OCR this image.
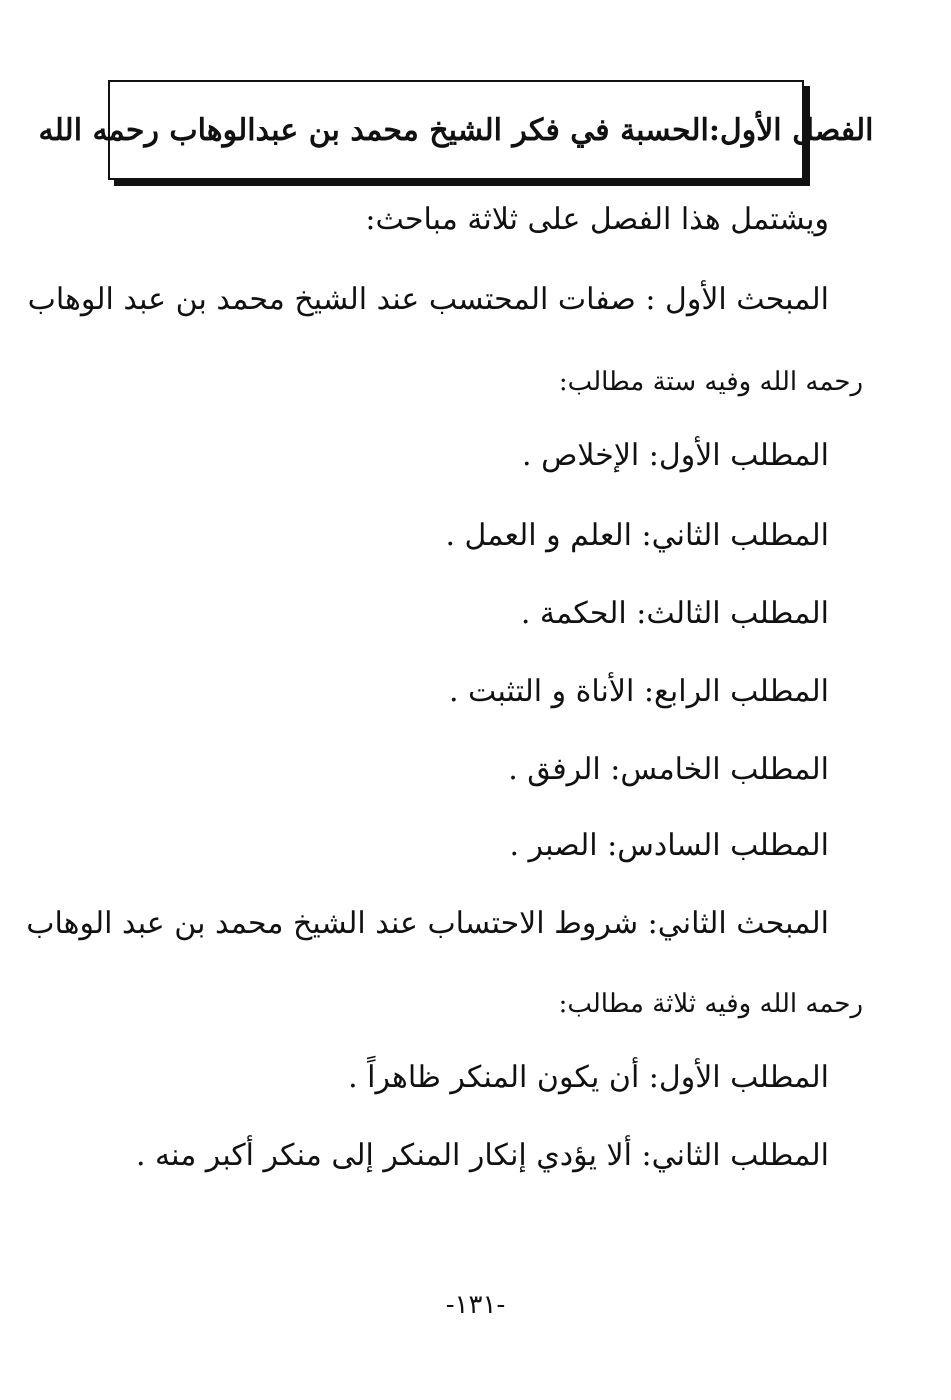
الفصل الأول:الحسبة في فكر الشيخ محمد بن عبدالوهاب رحمه الله
ويشتمل هذا الفصل على ثلاثة مباحث:
المبحث الأول : صفات المحتسب عند الشيخ محمد بن عبد الوهاب
رحمه الله وفيه ستة مطالب:
المطلب الأول: الإخلاص .
المطلب الثاني: العلم و العمل .
المطلب الثالث: الحكمة .
المطلب الرابع: الأناة و التثبت .
المطلب الخامس: الرفق .
المطلب السادس: الصبر .
المبحث الثاني: شروط الاحتساب عند الشيخ محمد بن عبد الوهاب
رحمه الله وفيه ثلاثة مطالب:
المطلب الأول: أن يكون المنكر ظاهراً .
المطلب الثاني: ألا يؤدي إنكار المنكر إلى منكر أكبر منه .
-١٣١-
